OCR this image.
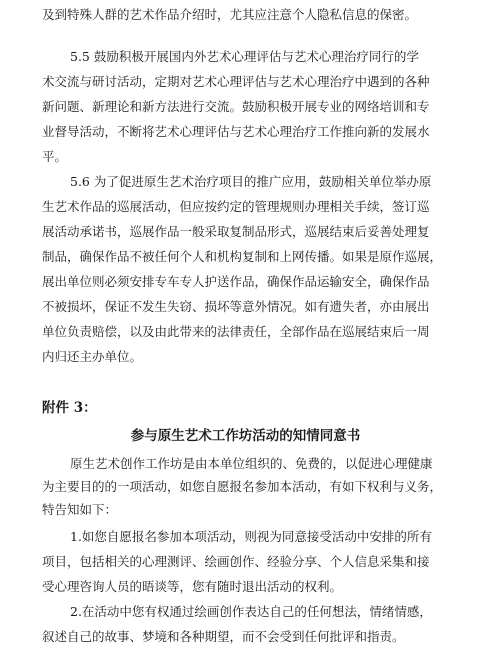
及到特殊人群的艺术作品介绍时，尤其应注意个人隐私信息的保密。
5.5 鼓励积极开展国内外艺术心理评估与艺术心理治疗同行的学
术交流与研讨活动，定期对艺术心理评估与艺术心理治疗中遇到的各种
新问题、新理论和新方法进行交流。鼓励积极开展专业的网络培训和专
业督导活动，不断将艺术心理评估与艺术心理治疗工作推向新的发展水
平。
5.6 为了促进原生艺术治疗项目的推广应用，鼓励相关单位举办原
生艺术作品的巡展活动，但应按约定的管理规则办理相关手续，签订巡
展活动承诺书，巡展作品一般采取复制品形式，巡展结束后妥善处理复
制品，确保作品不被任何个人和机构复制和上网传播。如果是原作巡展，
展出单位则必须安排专车专人护送作品，确保作品运输安全，确保作品
不被损坏，保证不发生失窃、损坏等意外情况。如有遗失者，亦由展出
单位负责赔偿，以及由此带来的法律责任，全部作品在巡展结束后一周
内归还主办单位。
附件 3：
参与原生艺术工作坊活动的知情同意书
原生艺术创作工作坊是由本单位组织的、免费的，以促进心理健康
为主要目的的一项活动，如您自愿报名参加本活动，有如下权利与义务，
特告知如下：
1.如您自愿报名参加本项活动，则视为同意接受活动中安排的所有
项目，包括相关的心理测评、绘画创作、经验分享、个人信息采集和接
受心理咨询人员的晤谈等，您有随时退出活动的权利。
2.在活动中您有权通过绘画创作表达自己的任何想法，情绪情感，
叙述自己的故事、梦境和各种期望，而不会受到任何批评和指责。
